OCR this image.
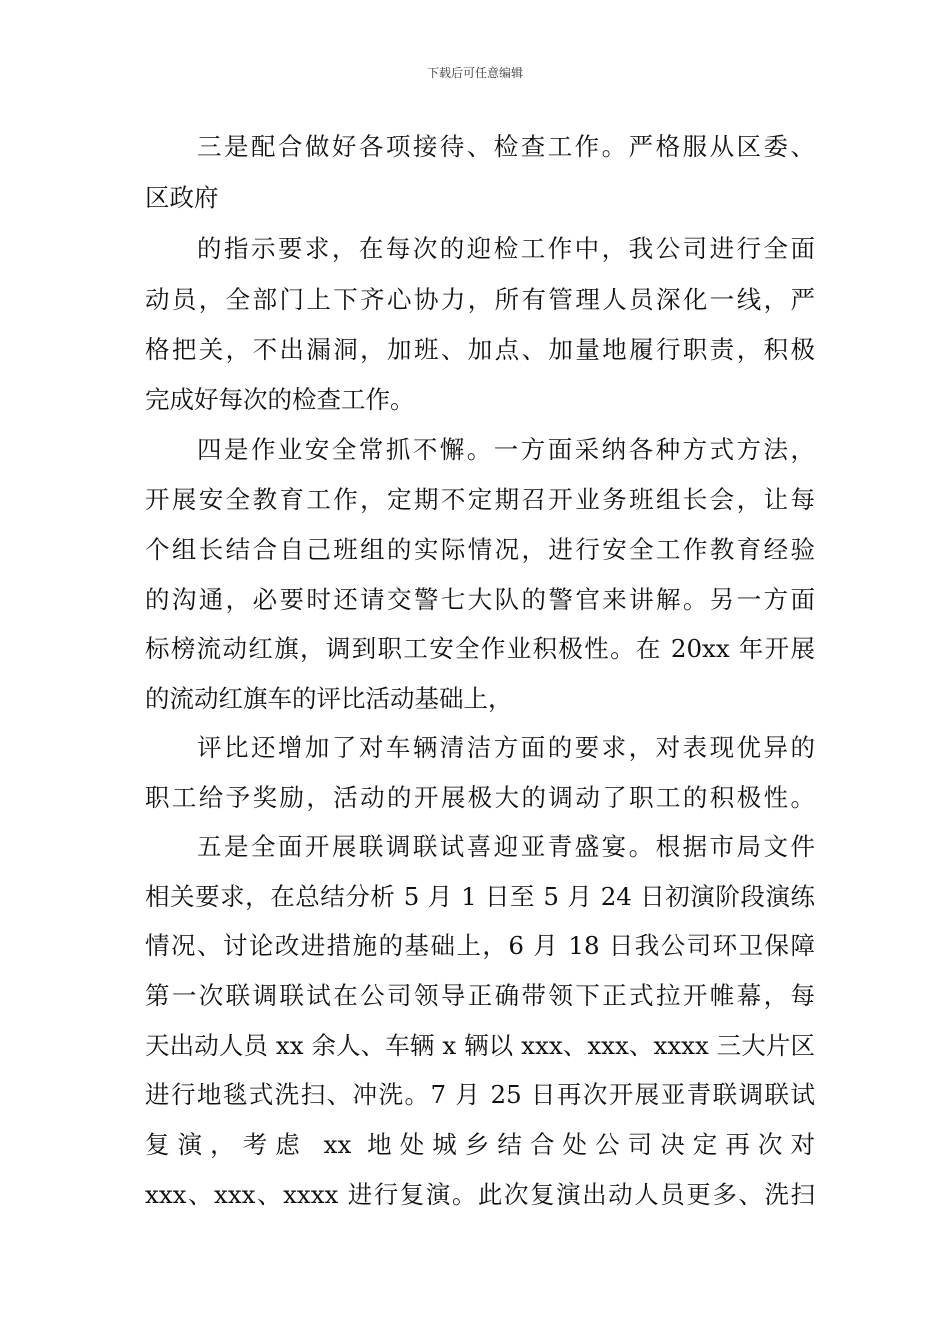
下载后可任意编辑
三是配合做好各项接待、检查工作。严格服从区委、
区政府
的指示要求，在每次的迎检工作中，我公司进行全面
动员，全部门上下齐心协力，所有管理人员深化一线，严
格把关，不出漏洞，加班、加点、加量地履行职责，积极
完成好每次的检查工作。
四是作业安全常抓不懈。一方面采纳各种方式方法，
开展安全教育工作，定期不定期召开业务班组长会，让每
个组长结合自己班组的实际情况，进行安全工作教育经验
的沟通，必要时还请交警七大队的警官来讲解。另一方面
标榜流动红旗，调到职工安全作业积极性。在 20xx 年开展
的流动红旗车的评比活动基础上，
评比还增加了对车辆清洁方面的要求，对表现优异的
职工给予奖励，活动的开展极大的调动了职工的积极性。
五是全面开展联调联试喜迎亚青盛宴。根据市局文件
相关要求，在总结分析 5 月 1 日至 5 月 24 日初演阶段演练
情况、讨论改进措施的基础上，6 月 18 日我公司环卫保障
第一次联调联试在公司领导正确带领下正式拉开帷幕，每
天出动人员 xx 余人、车辆 x 辆以 xxx、xxx、xxxx 三大片区
进行地毯式洗扫、冲洗。7 月 25 日再次开展亚青联调联试
复演，考虑 xx 地处城乡结合处公司决定再次对
xxx、xxx、xxxx 进行复演。此次复演出动人员更多、洗扫
